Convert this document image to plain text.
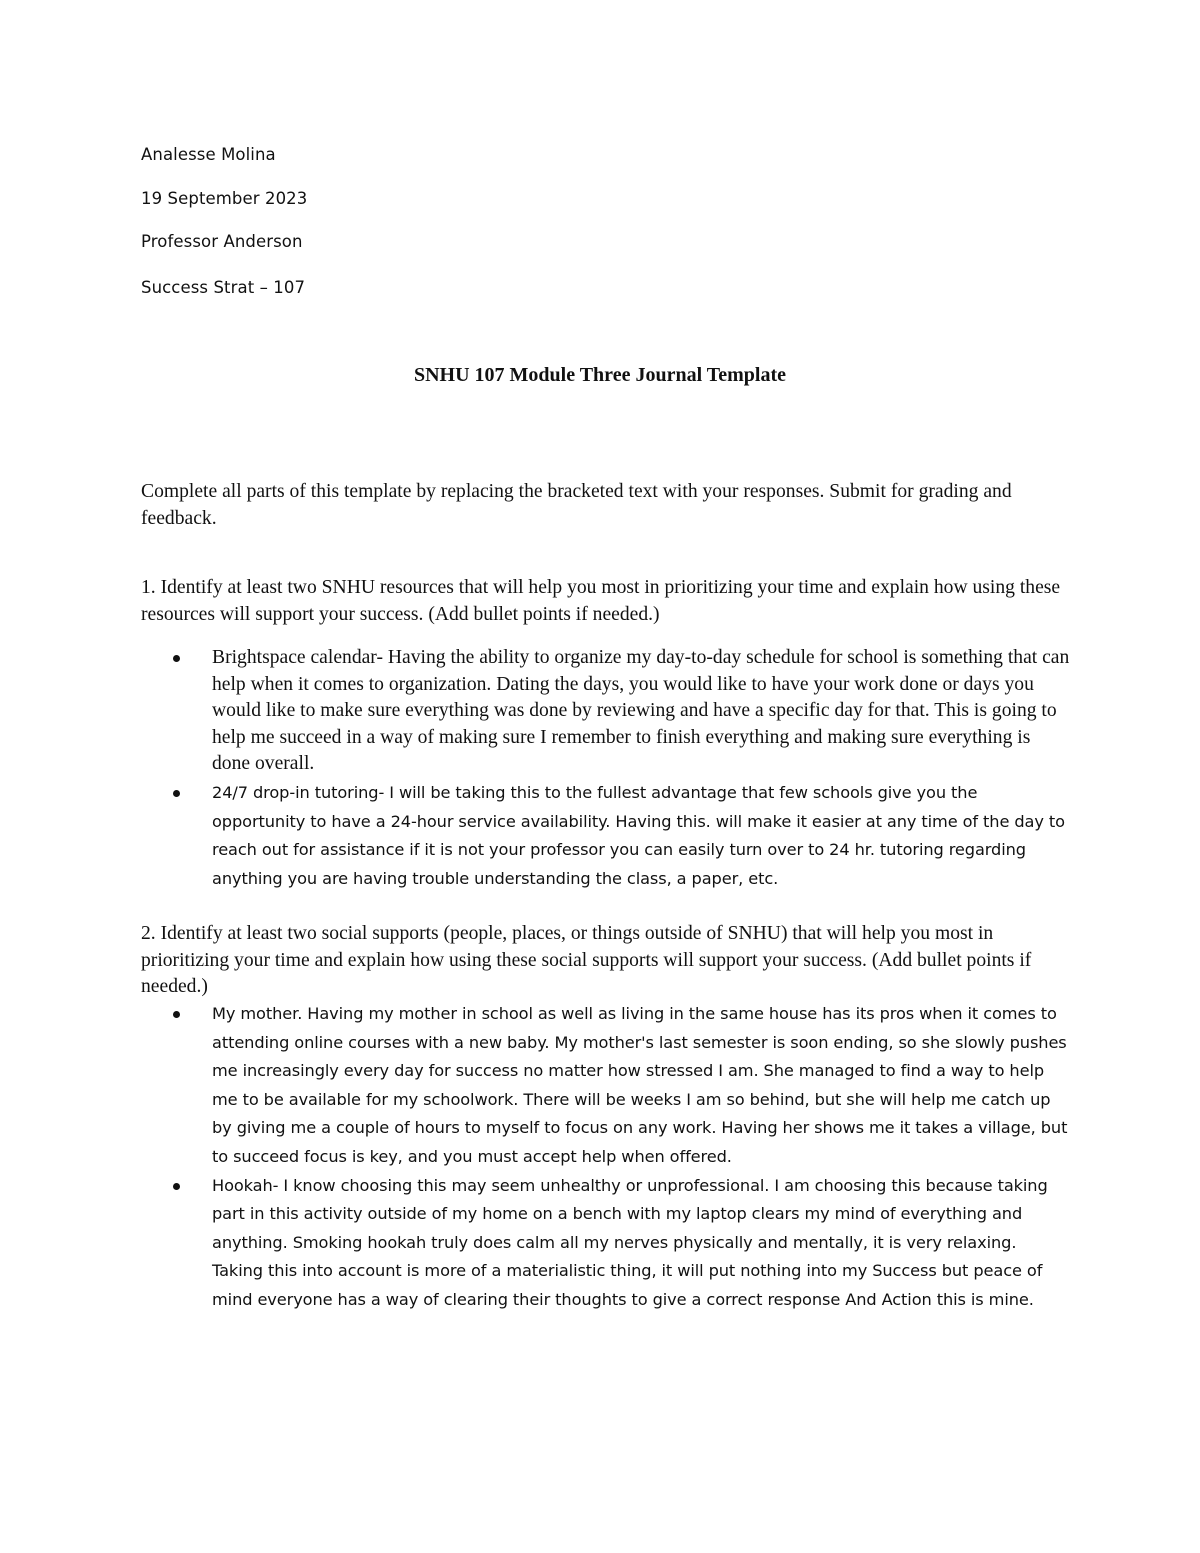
Analesse Molina
19 September 2023
Professor Anderson
Success Strat – 107
SNHU 107 Module Three Journal Template
Complete all parts of this template by replacing the bracketed text with your responses. Submit for grading and feedback.
1. Identify at least two SNHU resources that will help you most in prioritizing your time and explain how using these resources will support your success. (Add bullet points if needed.)
Brightspace calendar- Having the ability to organize my day-to-day schedule for school is something that can help when it comes to organization. Dating the days, you would like to have your work done or days you would like to make sure everything was done by reviewing and have a specific day for that. This is going to help me succeed in a way of making sure I remember to finish everything and making sure everything is done overall.
24/7 drop-in tutoring- I will be taking this to the fullest advantage that few schools give you the opportunity to have a 24-hour service availability. Having this. will make it easier at any time of the day to reach out for assistance if it is not your professor you can easily turn over to 24 hr. tutoring regarding anything you are having trouble understanding the class, a paper, etc.
2. Identify at least two social supports (people, places, or things outside of SNHU) that will help you most in prioritizing your time and explain how using these social supports will support your success. (Add bullet points if needed.)
My mother. Having my mother in school as well as living in the same house has its pros when it comes to attending online courses with a new baby. My mother's last semester is soon ending, so she slowly pushes me increasingly every day for success no matter how stressed I am. She managed to find a way to help me to be available for my schoolwork. There will be weeks I am so behind, but she will help me catch up by giving me a couple of hours to myself to focus on any work. Having her shows me it takes a village, but to succeed focus is key, and you must accept help when offered.
Hookah- I know choosing this may seem unhealthy or unprofessional. I am choosing this because taking part in this activity outside of my home on a bench with my laptop clears my mind of everything and anything. Smoking hookah truly does calm all my nerves physically and mentally, it is very relaxing. Taking this into account is more of a materialistic thing, it will put nothing into my Success but peace of mind everyone has a way of clearing their thoughts to give a correct response And Action this is mine.
